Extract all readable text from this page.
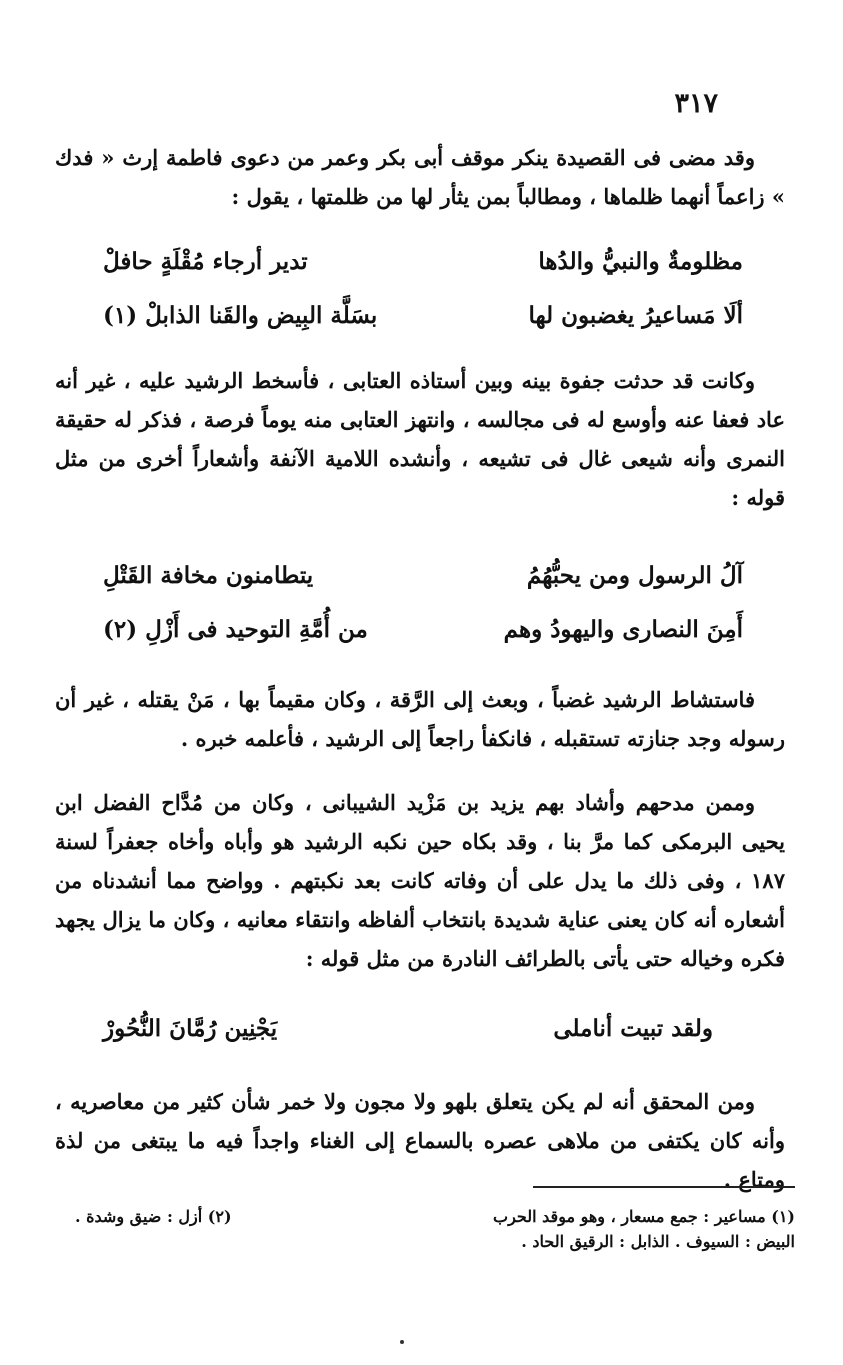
٣١٧

وقد مضى فى القصيدة ينكر موقف أبى بكر وعمر من دعوى فاطمة إرث « فدك » زاعماً أنهما ظلماها ، ومطالباً بمن يثأر لها من ظلمتها ، يقول :

مظلومةٌ والنبيُّ والدُها
تدير أرجاء مُقْلَةٍ حافلْ
ألَا مَساعيرُ يغضبون لها
بسَلَّة البِيض والقَنا الذابلْ (١)

وكانت قد حدثت جفوة بينه وبين أستاذه العتابى ، فأسخط الرشيد عليه ، غير أنه عاد فعفا عنه وأوسع له فى مجالسه ، وانتهز العتابى منه يوماً فرصة ، فذكر له حقيقة النمرى وأنه شيعى غال فى تشيعه ، وأنشده اللامية الآنفة وأشعاراً أخرى من مثل قوله :

آلُ الرسول ومن يحبُّهُمُ
يتطامنون مخافة القَتْلِ
أَمِنَ النصارى واليهودُ وهم
من أُمَّةِ التوحيد فى أَزْلِ (٢)

فاستشاط الرشيد غضباً ، وبعث إلى الرَّقة ، وكان مقيماً بها ، مَنْ يقتله ، غير أن رسوله وجد جنازته تستقبله ، فانكفأ راجعاً إلى الرشيد ، فأعلمه خبره .

وممن مدحهم وأشاد بهم يزيد بن مَزْيد الشيبانى ، وكان من مُدَّاح الفضل ابن يحيى البرمكى كما مرَّ بنا ، وقد بكاه حين نكبه الرشيد هو وأباه وأخاه جعفراً لسنة ١٨٧ ، وفى ذلك ما يدل على أن وفاته كانت بعد نكبتهم . وواضح مما أنشدناه من أشعاره أنه كان يعنى عناية شديدة بانتخاب ألفاظه وانتقاء معانيه ، وكان ما يزال يجهد فكره وخياله حتى يأتى بالطرائف النادرة من مثل قوله :

ولقد تبيت أناملى
يَجْنِين رُمَّانَ النُّحُورْ

ومن المحقق أنه لم يكن يتعلق بلهو ولا مجون ولا خمر شأن كثير من معاصريه ، وأنه كان يكتفى من ملاهى عصره بالسماع إلى الغناء واجداً فيه ما يبتغى من لذة ومتاع .

(١) مساعير : جمع مسعار ، وهو موقد الحرب
(٢) أزل : ضيق وشدة .
البيض : السيوف . الذابل : الرقيق الحاد .
